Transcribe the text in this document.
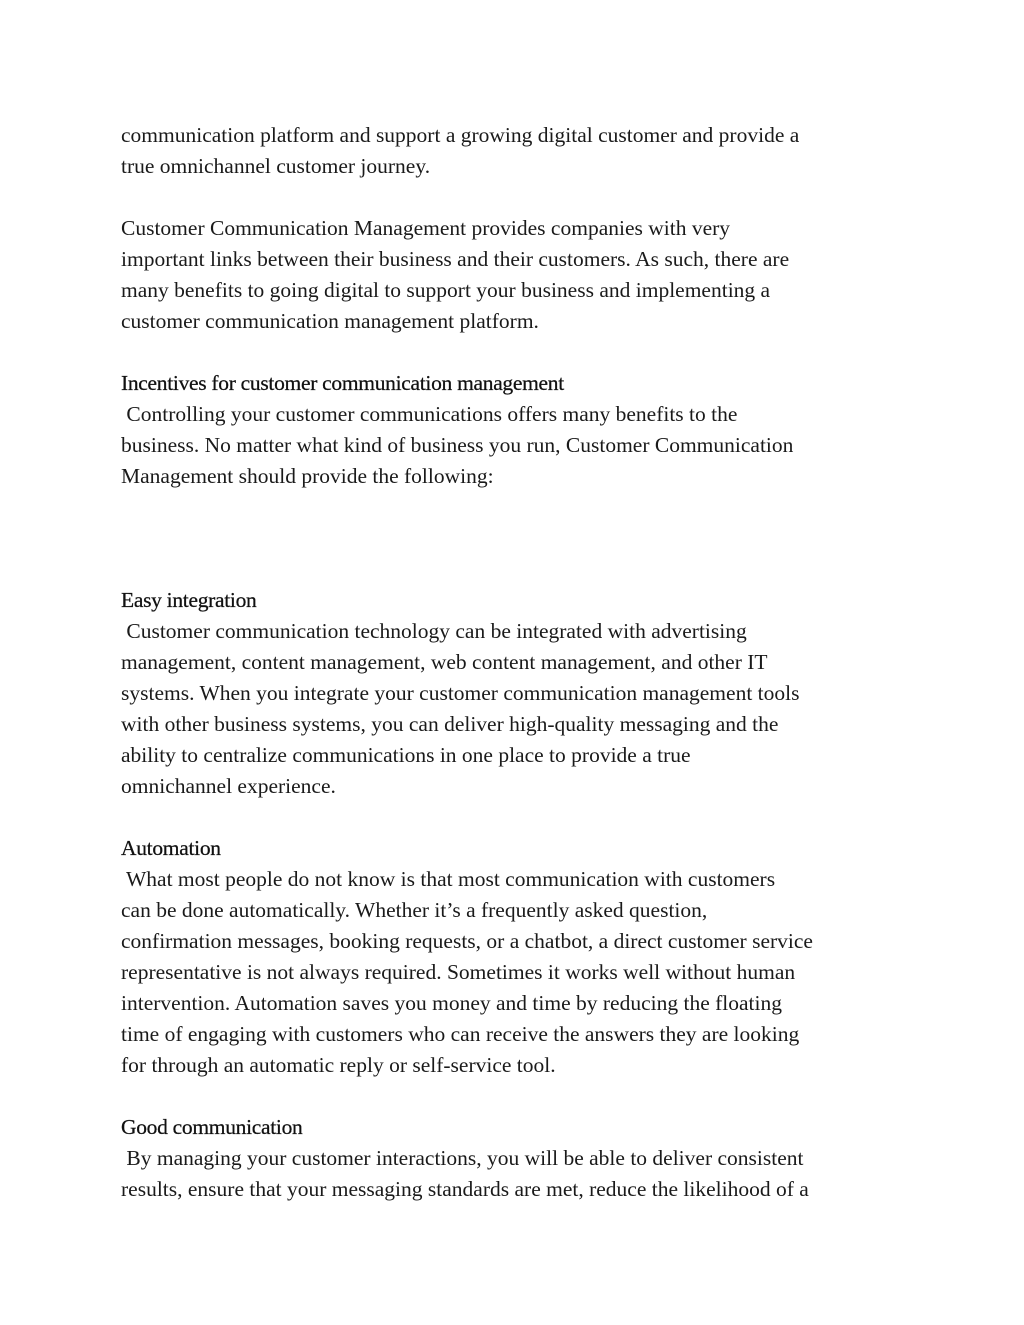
communication platform and support a growing digital customer and provide a
true omnichannel customer journey.

Customer Communication Management provides companies with very
important links between their business and their customers. As such, there are
many benefits to going digital to support your business and implementing a
customer communication management platform.

Incentives for customer communication management

Controlling your customer communications offers many benefits to the
business. No matter what kind of business you run, Customer Communication
Management should provide the following:

Easy integration

Customer communication technology can be integrated with advertising
management, content management, web content management, and other IT
systems. When you integrate your customer communication management tools
with other business systems, you can deliver high-quality messaging and the
ability to centralize communications in one place to provide a true
omnichannel experience.

Automation

What most people do not know is that most communication with customers
can be done automatically. Whether it’s a frequently asked question,
confirmation messages, booking requests, or a chatbot, a direct customer service
representative is not always required. Sometimes it works well without human
intervention. Automation saves you money and time by reducing the floating
time of engaging with customers who can receive the answers they are looking
for through an automatic reply or self-service tool.

Good communication

By managing your customer interactions, you will be able to deliver consistent
results, ensure that your messaging standards are met, reduce the likelihood of a
